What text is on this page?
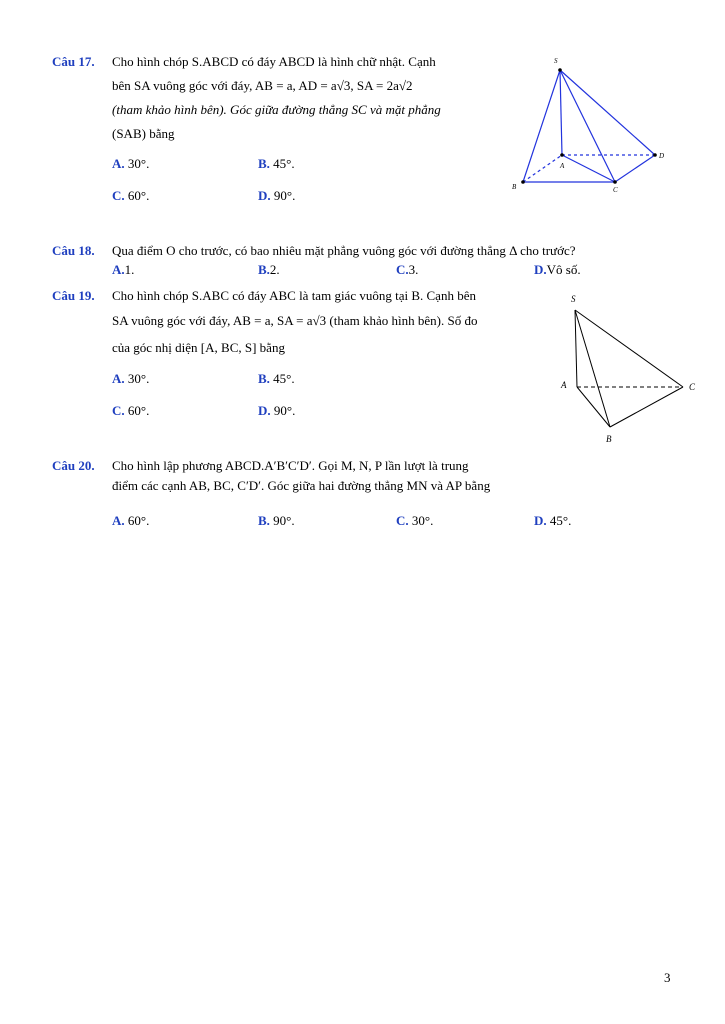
Câu 17. Cho hình chóp S.ABCD có đáy ABCD là hình chữ nhật. Cạnh
bên SA vuông góc với đáy, AB = a, AD = a√3, SA = 2a√2
(tham khảo hình bên). Góc giữa đường thẳng SC và mặt phẳng
(SAB) bằng
A. 30°.	B. 45°.
C. 60°.	D. 90°.
S
A
B	C
D
Câu 18. Qua điểm O cho trước, có bao nhiêu mặt phẳng vuông góc với đường thẳng Δ cho trước?
A.1.	B.2.	C.3.	D.Vô số.
Câu 19. Cho hình chóp S.ABC có đáy ABC là tam giác vuông tại B. Cạnh bên
SA vuông góc với đáy, AB = a, SA = a√3 (tham khảo hình bên). Số đo
của góc nhị diện [A, BC, S] bằng
A. 30°.	B. 45°.
C. 60°.	D. 90°.
S
A
B
C
Câu 20. Cho hình lập phương ABCD.A′B′C′D′. Gọi M, N, P lần lượt là trung
điểm các cạnh AB, BC, C′D′. Góc giữa hai đường thẳng MN và AP bằng
A. 60°.	B. 90°.	C. 30°.	D. 45°.
3
